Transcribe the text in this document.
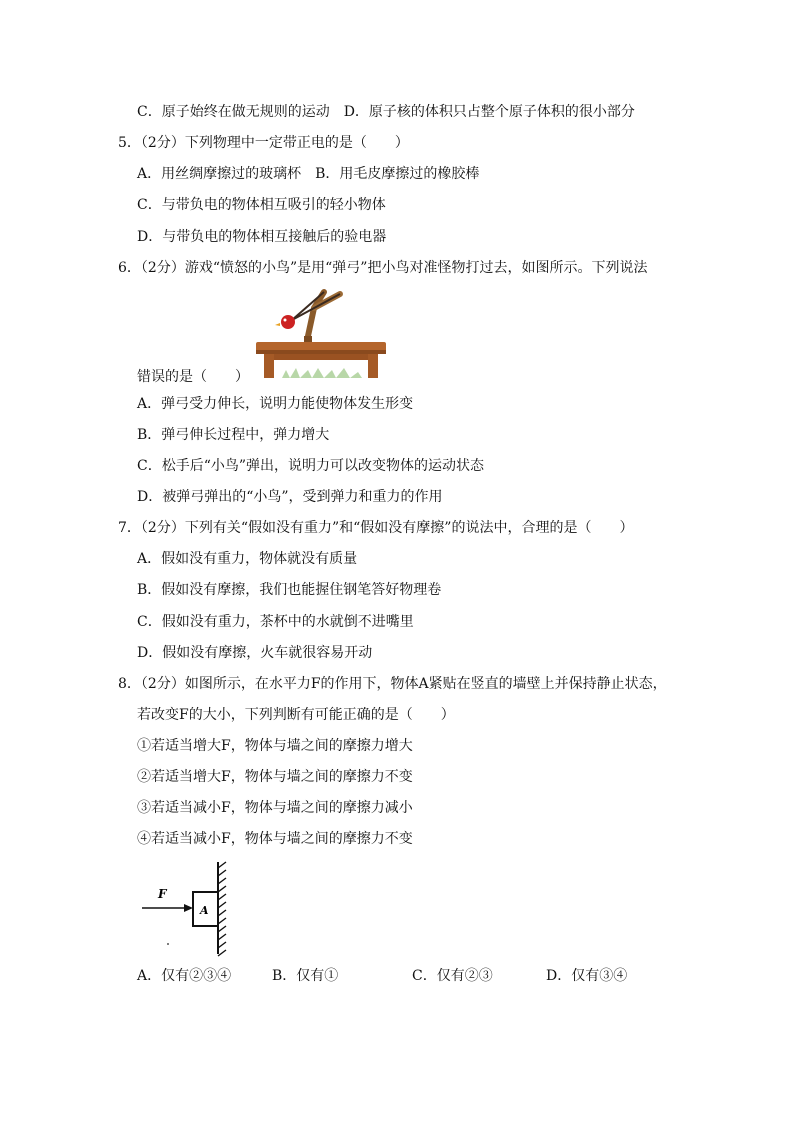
C．原子始终在做无规则的运动　D．原子核的体积只占整个原子体积的很小部分
5．（2分）下列物理中一定带正电的是（　　）
A．用丝绸摩擦过的玻璃杯　B．用毛皮摩擦过的橡胶棒
C．与带负电的物体相互吸引的轻小物体
D．与带负电的物体相互接触后的验电器
6．（2分）游戏“愤怒的小鸟”是用“弹弓”把小鸟对准怪物打过去，如图所示。下列说法
错误的是（　　）
A．弹弓受力伸长，说明力能使物体发生形变
B．弹弓伸长过程中，弹力增大
C．松手后“小鸟”弹出，说明力可以改变物体的运动状态
D．被弹弓弹出的“小鸟”，受到弹力和重力的作用
7．（2分）下列有关“假如没有重力”和“假如没有摩擦”的说法中，合理的是（　　）
A．假如没有重力，物体就没有质量
B．假如没有摩擦，我们也能握住钢笔答好物理卷
C．假如没有重力，茶杯中的水就倒不进嘴里
D．假如没有摩擦，火车就很容易开动
8．（2分）如图所示，在水平力F的作用下，物体A紧贴在竖直的墙壁上并保持静止状态，
若改变F的大小，下列判断有可能正确的是（　　）
①若适当增大F，物体与墙之间的摩擦力增大
②若适当增大F，物体与墙之间的摩擦力不变
③若适当减小F，物体与墙之间的摩擦力减小
④若适当减小F，物体与墙之间的摩擦力不变
A
F
A．仅有②③④	B．仅有①	C．仅有②③	D．仅有③④
